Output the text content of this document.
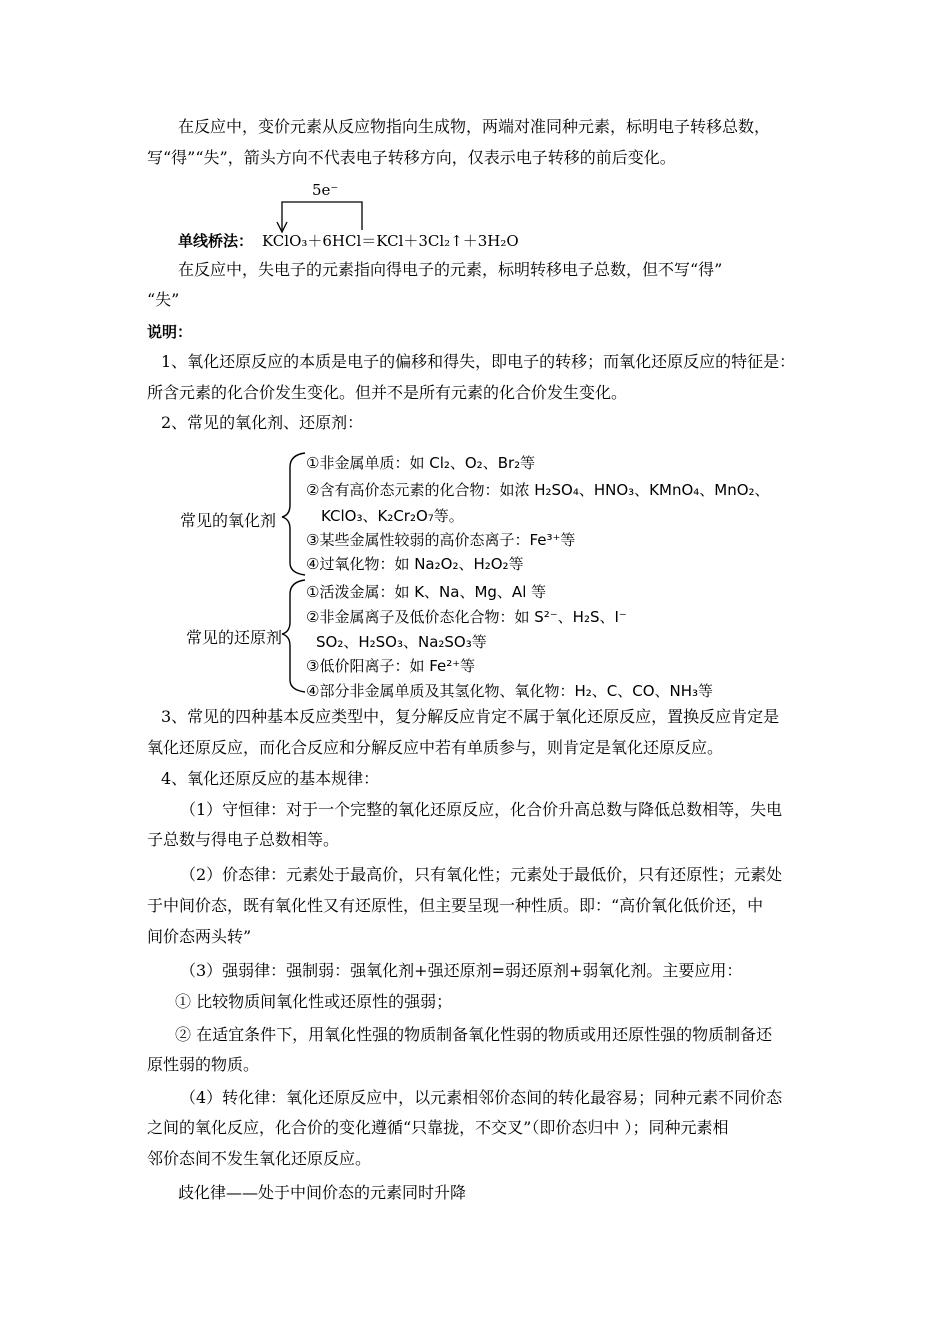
在反应中，变价元素从反应物指向生成物，两端对准同种元素，标明电子转移总数，
写“得”“失”，箭头方向不代表电子转移方向，仅表示电子转移的前后变化。
5e⁻
单线桥法： KClO₃＋6HCl＝KCl＋3Cl₂↑＋3H₂O
在反应中，失电子的元素指向得电子的元素，标明转移电子总数，但不写“得”
“失”
说明：
1、氧化还原反应的本质是电子的偏移和得失，即电子的转移；而氧化还原反应的特征是：
所含元素的化合价发生变化。但并不是所有元素的化合价发生变化。
2、常见的氧化剂、还原剂：
常见的氧化剂
①非金属单质：如 Cl₂、O₂、Br₂等
②含有高价态元素的化合物：如浓 H₂SO₄、HNO₃、KMnO₄、MnO₂、
KClO₃、K₂Cr₂O₇等。
③某些金属性较弱的高价态离子：Fe³⁺等
④过氧化物：如 Na₂O₂、H₂O₂等
常见的还原剂
①活泼金属：如 K、Na、Mg、Al 等
②非金属离子及低价态化合物：如 S²⁻、H₂S、I⁻
SO₂、H₂SO₃、Na₂SO₃等
③低价阳离子：如 Fe²⁺等
④部分非金属单质及其氢化物、氧化物：H₂、C、CO、NH₃等
3、常见的四种基本反应类型中，复分解反应肯定不属于氧化还原反应，置换反应肯定是
氧化还原反应，而化合反应和分解反应中若有单质参与，则肯定是氧化还原反应。
4、氧化还原反应的基本规律：
（1）守恒律：对于一个完整的氧化还原反应，化合价升高总数与降低总数相等，失电
子总数与得电子总数相等。
（2）价态律：元素处于最高价，只有氧化性；元素处于最低价，只有还原性；元素处
于中间价态，既有氧化性又有还原性，但主要呈现一种性质。即：“高价氧化低价还，中
间价态两头转”
（3）强弱律：强制弱：强氧化剂+强还原剂=弱还原剂+弱氧化剂。主要应用：
① 比较物质间氧化性或还原性的强弱；
② 在适宜条件下，用氧化性强的物质制备氧化性弱的物质或用还原性强的物质制备还
原性弱的物质。
（4）转化律：氧化还原反应中，以元素相邻价态间的转化最容易；同种元素不同价态
之间的氧化反应，化合价的变化遵循“只靠拢，不交叉”（即价态归中 ）；同种元素相
邻价态间不发生氧化还原反应。
歧化律——处于中间价态的元素同时升降
